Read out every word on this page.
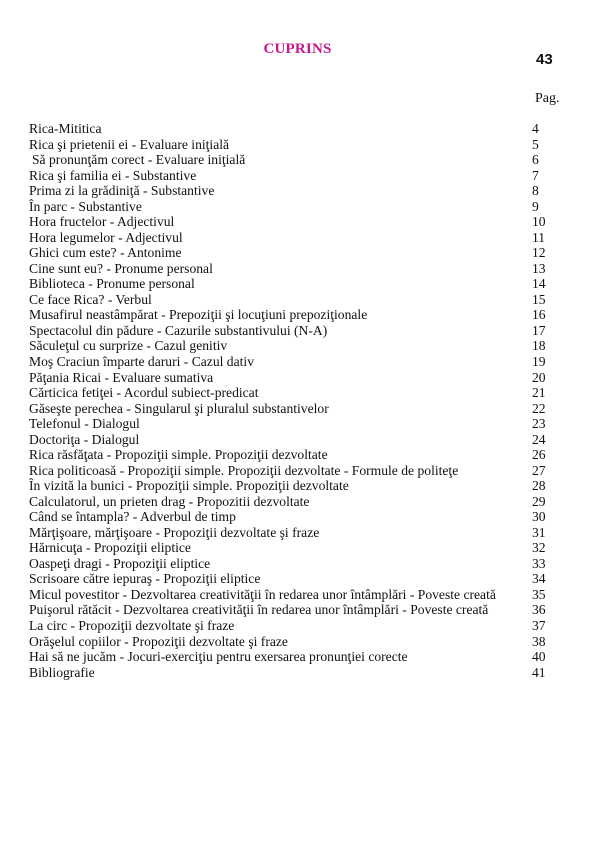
CUPRINS
43
Pag.
Rica-Mititica	4
Rica şi prietenii ei - Evaluare iniţială	5
Să pronunţăm corect - Evaluare iniţială	6
Rica şi familia ei - Substantive	7
Prima zi la grădiniţă - Substantive	8
În parc - Substantive	9
Hora fructelor - Adjectivul	10
Hora legumelor - Adjectivul	11
Ghici cum este? - Antonime	12
Cine sunt eu? - Pronume personal	13
Biblioteca - Pronume personal	14
Ce face Rica? - Verbul	15
Musafirul neastâmpărat - Prepoziţii şi locuţiuni prepoziţionale	16
Spectacolul din pădure - Cazurile substantivului (N-A)	17
Săculeţul cu surprize - Cazul genitiv	18
Moş Craciun împarte daruri - Cazul dativ	19
Păţania Ricai - Evaluare sumativa	20
Cărticica fetiţei - Acordul subiect-predicat	21
Găseşte perechea - Singularul şi pluralul substantivelor	22
Telefonul - Dialogul	23
Doctoriţa - Dialogul	24
Rica răsfăţata - Propoziţii simple. Propoziţii dezvoltate	26
Rica politicoasă - Propoziţii simple. Propoziţii dezvoltate - Formule de politeţe	27
În vizită la bunici - Propoziţii simple. Propoziţii dezvoltate	28
Calculatorul, un prieten drag - Propozitii dezvoltate	29
Când se întampla? - Adverbul de timp	30
Mărţişoare, mărţişoare - Propoziţii dezvoltate şi fraze	31
Hărnicuţa - Propoziţii eliptice	32
Oaspeţi dragi - Propoziţii eliptice	33
Scrisoare către iepuraş - Propoziţii eliptice	34
Micul povestitor - Dezvoltarea creativităţii în redarea unor întâmplări - Poveste creată	35
Puişorul rătăcit - Dezvoltarea creativităţii în redarea unor întâmplări - Poveste creată	36
La circ - Propoziţii dezvoltate şi fraze	37
Orăşelul copiilor - Propoziţii dezvoltate şi fraze	38
Hai să ne jucăm - Jocuri-exerciţiu pentru exersarea pronunţiei corecte	40
Bibliografie	41
